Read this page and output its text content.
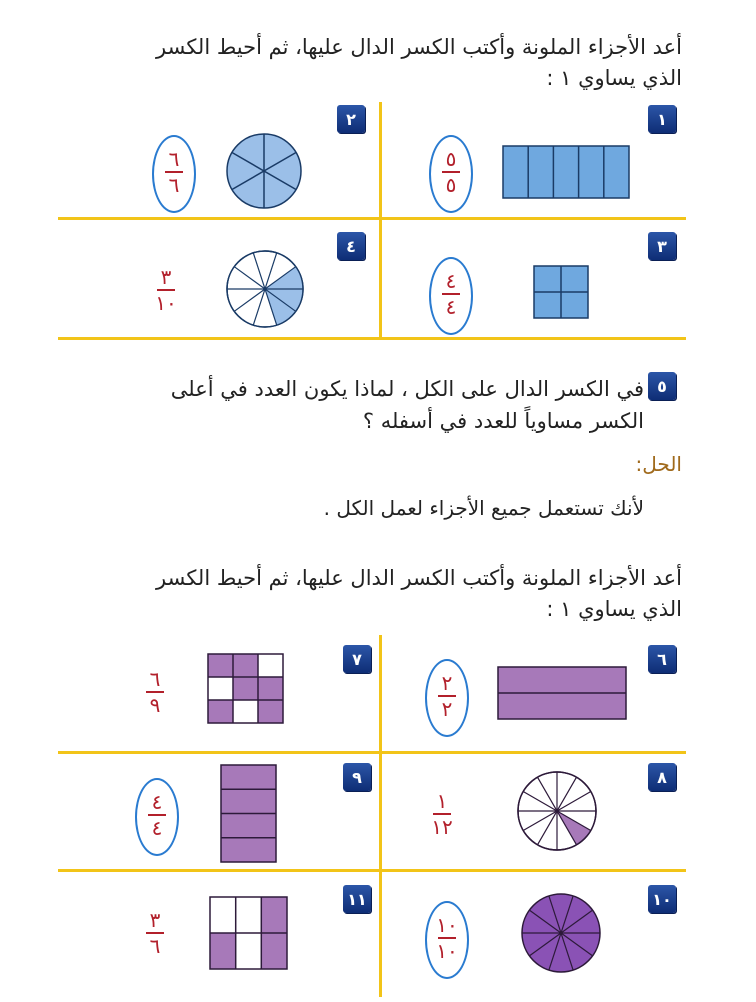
أعد الأجزاء الملونة وأكتب الكسر الدال عليها، ثم أحيط الكسر
الذي يساوي ١ :
١
٥
٥
٢
٦
٦
٣
٤
٤
٤
٣
١٠
٥
في الكسر الدال على الكل ، لماذا يكون العدد في أعلى
الكسر مساوياً للعدد في أسفله ؟
الحل:
لأنك تستعمل جميع الأجزاء لعمل الكل .
أعد الأجزاء الملونة وأكتب الكسر الدال عليها، ثم أحيط الكسر
الذي يساوي ١ :
٦
٢
٢
٧
٦
٩
٨
١
١٢
٩
٤
٤
١٠
١٠
١٠
١١
٣
٦
